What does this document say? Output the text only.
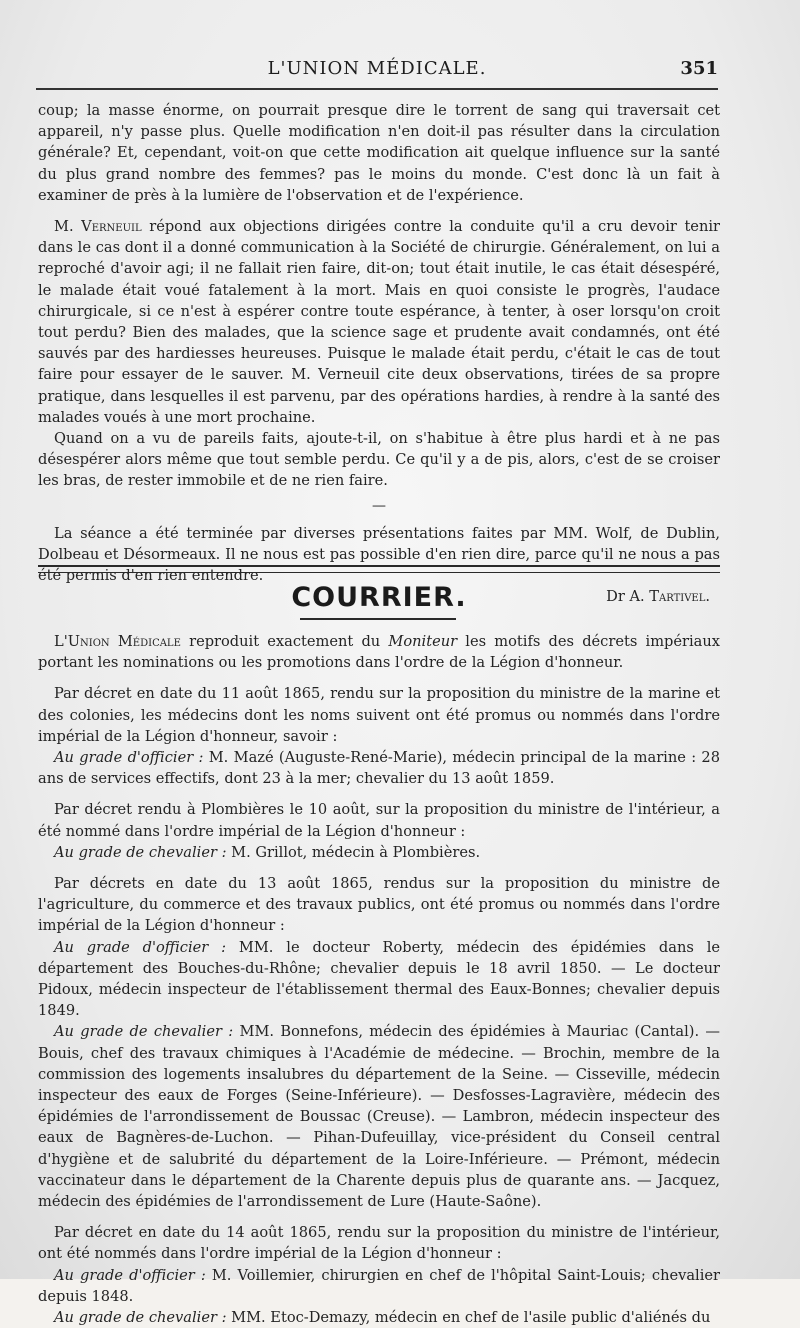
L'UNION MÉDICALE.	351

coup; la masse énorme, on pourrait presque dire le torrent de sang qui traversait cet appareil, n'y passe plus. Quelle modification n'en doit-il pas résulter dans la circulation générale? Et, cependant, voit-on que cette modification ait quelque influence sur la santé du plus grand nombre des femmes? pas le moins du monde. C'est donc là un fait à examiner de près à la lumière de l'observation et de l'expérience.

M. Verneuil répond aux objections dirigées contre la conduite qu'il a cru devoir tenir dans le cas dont il a donné communication à la Société de chirurgie. Généralement, on lui a reproché d'avoir agi; il ne fallait rien faire, dit-on; tout était inutile, le cas était désespéré, le malade était voué fatalement à la mort. Mais en quoi consiste le progrès, l'audace chirurgicale, si ce n'est à espérer contre toute espérance, à tenter, à oser lorsqu'on croit tout perdu? Bien des malades, que la science sage et prudente avait condamnés, ont été sauvés par des hardiesses heureuses. Puisque le malade était perdu, c'était le cas de tout faire pour essayer de le sauver. M. Verneuil cite deux observations, tirées de sa propre pratique, dans lesquelles il est parvenu, par des opérations hardies, à rendre à la santé des malades voués à une mort prochaine.

Quand on a vu de pareils faits, ajoute-t-il, on s'habitue à être plus hardi et à ne pas désespérer alors même que tout semble perdu. Ce qu'il y a de pis, alors, c'est de se croiser les bras, de rester immobile et de ne rien faire.

—

La séance a été terminée par diverses présentations faites par MM. Wolf, de Dublin, Dolbeau et Désormeaux. Il ne nous est pas possible d'en rien dire, parce qu'il ne nous a pas été permis d'en rien entendre.

Dr A. Tartivel.
COURRIER.

L'Union Médicale reproduit exactement du Moniteur les motifs des décrets impériaux portant les nominations ou les promotions dans l'ordre de la Légion d'honneur.

Par décret en date du 11 août 1865, rendu sur la proposition du ministre de la marine et des colonies, les médecins dont les noms suivent ont été promus ou nommés dans l'ordre impérial de la Légion d'honneur, savoir :

Au grade d'officier : M. Mazé (Auguste-René-Marie), médecin principal de la marine : 28 ans de services effectifs, dont 23 à la mer; chevalier du 13 août 1859.

Par décret rendu à Plombières le 10 août, sur la proposition du ministre de l'intérieur, a été nommé dans l'ordre impérial de la Légion d'honneur :

Au grade de chevalier : M. Grillot, médecin à Plombières.

Par décrets en date du 13 août 1865, rendus sur la proposition du ministre de l'agriculture, du commerce et des travaux publics, ont été promus ou nommés dans l'ordre impérial de la Légion d'honneur :

Au grade d'officier : MM. le docteur Roberty, médecin des épidémies dans le département des Bouches-du-Rhône; chevalier depuis le 18 avril 1850. — Le docteur Pidoux, médecin inspecteur de l'établissement thermal des Eaux-Bonnes; chevalier depuis 1849.

Au grade de chevalier : MM. Bonnefons, médecin des épidémies à Mauriac (Cantal). — Bouis, chef des travaux chimiques à l'Académie de médecine. — Brochin, membre de la commission des logements insalubres du département de la Seine. — Cisseville, médecin inspecteur des eaux de Forges (Seine-Inférieure). — Desfosses-Lagravière, médecin des épidémies de l'arrondissement de Boussac (Creuse). — Lambron, médecin inspecteur des eaux de Bagnères-de-Luchon. — Pihan-Dufeuillay, vice-président du Conseil central d'hygiène et de salubrité du département de la Loire-Inférieure. — Prémont, médecin vaccinateur dans le département de la Charente depuis plus de quarante ans. — Jacquez, médecin des épidémies de l'arrondissement de Lure (Haute-Saône).

Par décret en date du 14 août 1865, rendu sur la proposition du ministre de l'intérieur, ont été nommés dans l'ordre impérial de la Légion d'honneur :

Au grade d'officier : M. Voillemier, chirurgien en chef de l'hôpital Saint-Louis; chevalier depuis 1848.

Au grade de chevalier : MM. Etoc-Demazy, médecin en chef de l'asile public d'aliénés du
